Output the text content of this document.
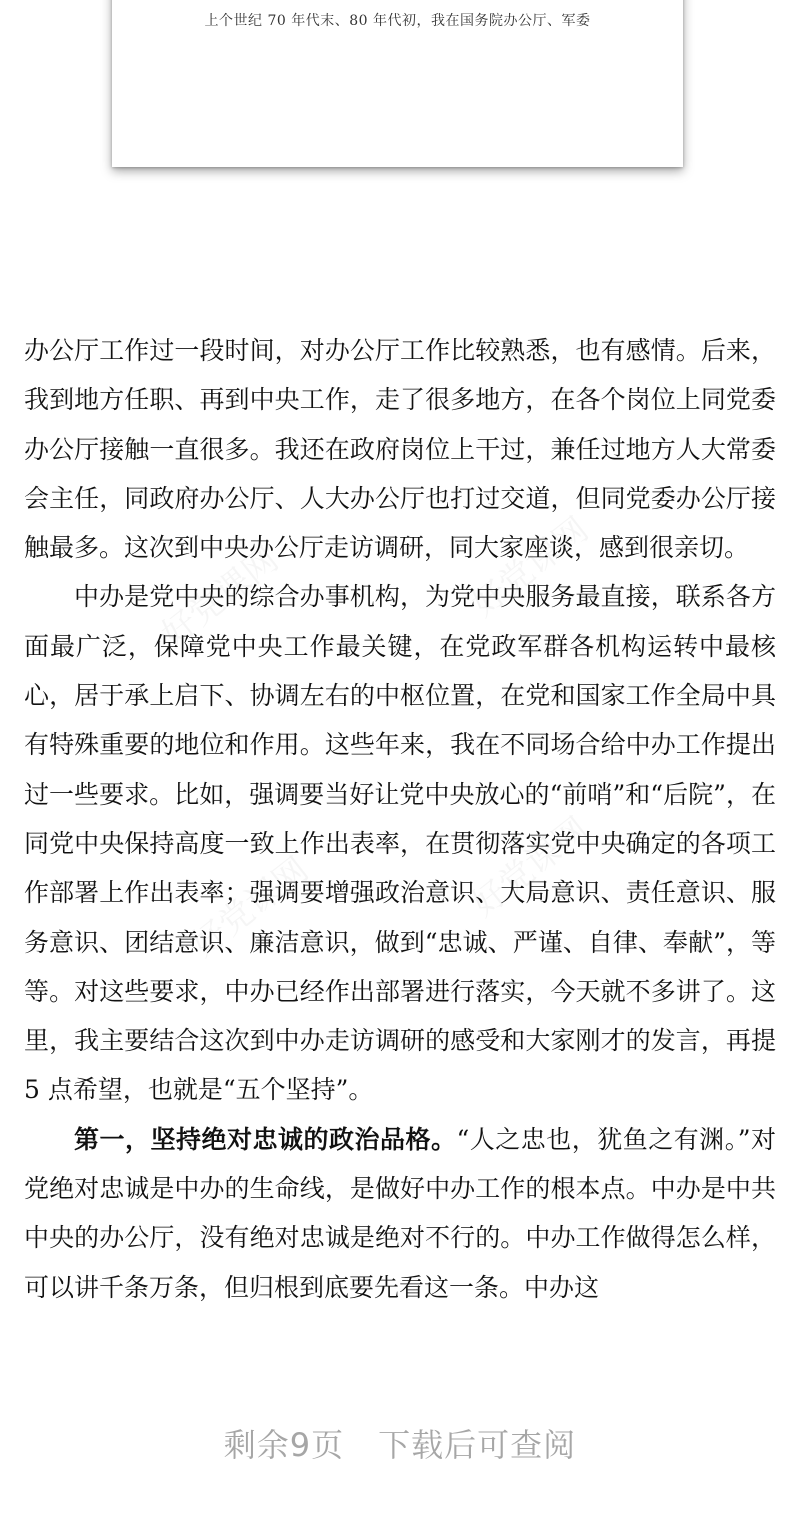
上个世纪 70 年代末、80 年代初，我在国务院办公厅、军委
好党课网	好党课网
好党课网	好党课网

办公厅工作过一段时间，对办公厅工作比较熟悉，也有感情。后来，我到地方任职、再到中央工作，走了很多地方，在各个岗位上同党委办公厅接触一直很多。我还在政府岗位上干过，兼任过地方人大常委会主任，同政府办公厅、人大办公厅也打过交道，但同党委办公厅接触最多。这次到中央办公厅走访调研，同大家座谈，感到很亲切。

中办是党中央的综合办事机构，为党中央服务最直接，联系各方面最广泛，保障党中央工作最关键，在党政军群各机构运转中最核心，居于承上启下、协调左右的中枢位置，在党和国家工作全局中具有特殊重要的地位和作用。这些年来，我在不同场合给中办工作提出过一些要求。比如，强调要当好让党中央放心的“前哨”和“后院”，在同党中央保持高度一致上作出表率，在贯彻落实党中央确定的各项工作部署上作出表率；强调要增强政治意识、大局意识、责任意识、服务意识、团结意识、廉洁意识，做到“忠诚、严谨、自律、奉献”，等等。对这些要求，中办已经作出部署进行落实，今天就不多讲了。这里，我主要结合这次到中办走访调研的感受和大家刚才的发言，再提 5 点希望，也就是“五个坚持”。

第一，坚持绝对忠诚的政治品格。“人之忠也，犹鱼之有渊。”对党绝对忠诚是中办的生命线，是做好中办工作的根本点。中办是中共中央的办公厅，没有绝对忠诚是绝对不行的。中办工作做得怎么样，可以讲千条万条，但归根到底要先看这一条。中办这

剩余9页 下载后可查阅
